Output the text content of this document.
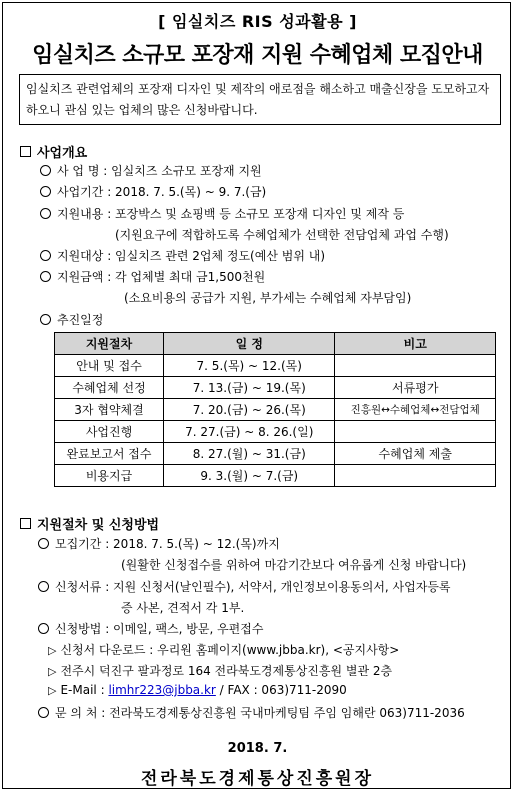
[ 임실치즈 RIS 성과활용 ]
임실치즈 소규모 포장재 지원 수혜업체 모집안내
임실치즈 관련업체의 포장재 디자인 및 제작의 애로점을 해소하고 매출신장을 도모하고자 하오니 관심 있는 업체의 많은 신청바랍니다.
사업개요
사 업 명 : 임실치즈 소규모 포장재 지원
사업기간 : 2018. 7. 5.(목) ~ 9. 7.(금)
지원내용 : 포장박스 및 쇼핑백 등 소규모 포장재 디자인 및 제작 등
(지원요구에 적합하도록 수혜업체가 선택한 전담업체 과업 수행)
지원대상 : 임실치즈 관련 2업체 정도(예산 범위 내)
지원금액 : 각 업체별 최대 금1,500천원
(소요비용의 공급가 지원, 부가세는 수혜업체 자부담임)
추진일정
지원절차	일 정	비고
안내 및 접수	7. 5.(목) ~ 12.(목)	
수혜업체 선정	7. 13.(금) ~ 19.(목)	서류평가
3자 협약체결	7. 20.(금) ~ 26.(목)	진흥원↔수혜업체↔전담업체
사업진행	7. 27.(금) ~ 8. 26.(일)	
완료보고서 접수	8. 27.(월) ~ 31.(금)	수혜업체 제출
비용지급	9. 3.(월) ~ 7.(금)	
지원절차 및 신청방법
모집기간 : 2018. 7. 5.(목) ~ 12.(목)까지
(원활한 신청접수를 위하여 마감기간보다 여유롭게 신청 바랍니다)
신청서류 : 지원 신청서(날인필수), 서약서, 개인정보이용동의서, 사업자등록
증 사본, 견적서 각 1부.
신청방법 : 이메일, 팩스, 방문, 우편접수
▷ 신청서 다운로드 : 우리원 홈페이지(www.jbba.kr), <공지사항>
▷ 전주시 덕진구 팔과정로 164 전라북도경제통상진흥원 별관 2층
▷ E-Mail : limhr223@jbba.kr / FAX : 063)711-2090
문 의 처 : 전라북도경제통상진흥원 국내마케팅팀 주임 임해란 063)711-2036
2018. 7.
전라북도경제통상진흥원장
